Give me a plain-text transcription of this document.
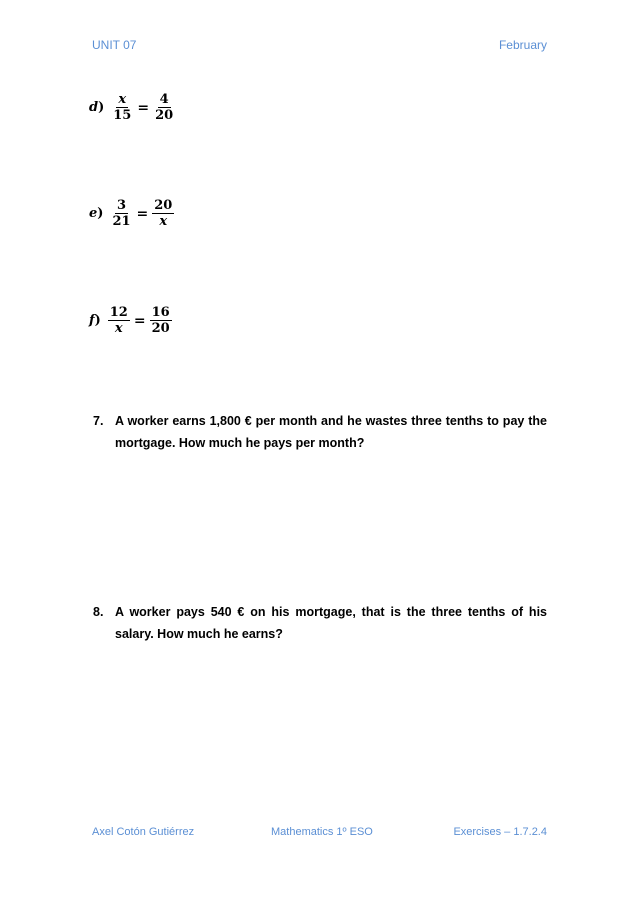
UNIT 07	February
$d) \frac{x}{15} = \frac{4}{20}$
$e) \frac{3}{21} = \frac{20}{x}$
$f) \frac{12}{x} = \frac{16}{20}$
7. A worker earns 1,800 € per month and he wastes three tenths to pay the mortgage. How much he pays per month?
8. A worker pays 540 € on his mortgage, that is the three tenths of his salary. How much he earns?
Axel Cotón Gutiérrez	Mathematics 1º ESO	Exercises – 1.7.2.4
